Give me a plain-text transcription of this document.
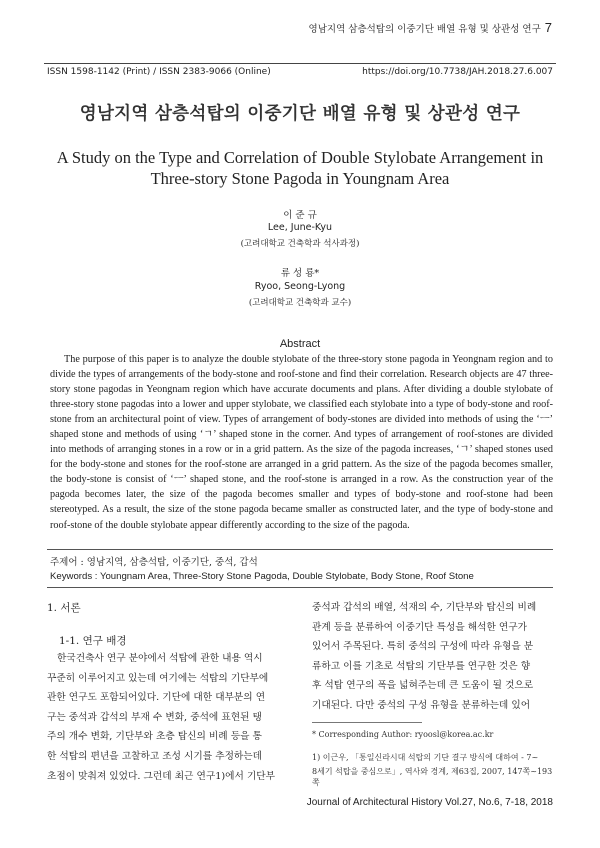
영남지역 삼층석탑의 이중기단 배열 유형 및 상관성 연구 7
ISSN 1598-1142 (Print) / ISSN 2383-9066 (Online)	https://doi.org/10.7738/JAH.2018.27.6.007
영남지역 삼층석탑의 이중기단 배열 유형 및 상관성 연구
A Study on the Type and Correlation of Double Stylobate Arrangement in
Three-story Stone Pagoda in Youngnam Area
이 준 규
Lee, June-Kyu
(고려대학교 건축학과 석사과정)
류 성 룡*
Ryoo, Seong-Lyong
(고려대학교 건축학과 교수)
Abstract
The purpose of this paper is to analyze the double stylobate of the three-story stone pagoda in Yeongnam region and to divide the types of arrangements of the body-stone and roof-stone and find their correlation. Research objects are 47 three-story stone pagodas in Yeongnam region which have accurate documents and plans. After dividing a double stylobate of three-story stone pagodas into a lower and upper stylobate, we classified each stylobate into a type of body-stone and roof-stone from an architectural point of view. Types of arrangement of body-stones are divided into methods of using the ‘ㅡ’ shaped stone and methods of using ‘ㄱ’ shaped stone in the corner. And types of arrangement of roof-stones are divided into methods of arranging stones in a row or in a grid pattern. As the size of the pagoda increases, ‘ㄱ’ shaped stones used for the body-stone and stones for the roof-stone are arranged in a grid pattern. As the size of the pagoda becomes smaller, the body-stone is consist of ‘ㅡ’ shaped stone, and the roof-stone is arranged in a row. As the construction year of the pagoda becomes later, the size of the pagoda becomes smaller and types of body-stone and roof-stone had been stereotyped. As a result, the size of the stone pagoda became smaller as constructed later, and the type of body-stone and roof-stone of the double stylobate appear differently according to the size of the pagoda.
주제어 : 영남지역, 삼층석탑, 이중기단, 중석, 갑석
Keywords : Youngnam Area, Three-Story Stone Pagoda, Double Stylobate, Body Stone, Roof Stone
1. 서론
1-1. 연구 배경
한국건축사 연구 분야에서 석탑에 관한 내용 역시
꾸준히 이루어지고 있는데 여기에는 석탑의 기단부에
관한 연구도 포함되어있다. 기단에 대한 대부분의 연
구는 중석과 갑석의 부재 수 변화, 중석에 표현된 탱
주의 개수 변화, 기단부와 초층 탑신의 비례 등을 통
한 석탑의 편년을 고찰하고 조성 시기를 추정하는데
초점이 맞춰져 있었다. 그런데 최근 연구1)에서 기단부
중석과 갑석의 배열, 석재의 수, 기단부와 탑신의 비례
관계 등을 분류하여 이중기단 특성을 해석한 연구가
있어서 주목된다. 특히 중석의 구성에 따라 유형을 분
류하고 이를 기초로 석탑의 기단부를 연구한 것은 향
후 석탑 연구의 폭을 넓혀주는데 큰 도움이 될 것으로
기대된다. 다만 중석의 구성 유형을 분류하는데 있어
* Corresponding Author: ryoosl@korea.ac.kr
1) 이근우, 「통일신라시대 석탑의 기단 결구 방식에 대하여 - 7~
8세기 석탑을 중심으로」, 역사와 경계, 제63집, 2007, 147쪽~193쪽
Journal of Architectural History Vol.27, No.6, 7-18, 2018
